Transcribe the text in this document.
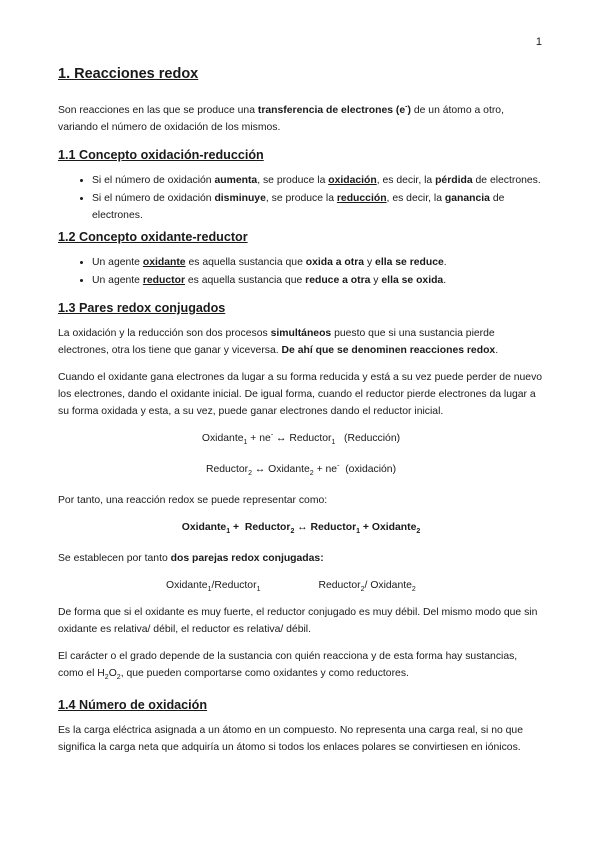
1
1. Reacciones redox

Son reacciones en las que se produce una transferencia de electrones (e-) de un átomo a otro, variando el número de oxidación de los mismos.

1.1 Concepto oxidación-reducción
• Si el número de oxidación aumenta, se produce la oxidación, es decir, la pérdida de electrones.
• Si el número de oxidación disminuye, se produce la reducción, es decir, la ganancia de electrones.
1.2 Concepto oxidante-reductor
• Un agente oxidante es aquella sustancia que oxida a otra y ella se reduce.
• Un agente reductor es aquella sustancia que reduce a otra y ella se oxida.
1.3 Pares redox conjugados

La oxidación y la reducción son dos procesos simultáneos puesto que si una sustancia pierde electrones, otra los tiene que ganar y viceversa. De ahí que se denominen reacciones redox.

Cuando el oxidante gana electrones da lugar a su forma reducida y está a su vez puede perder de nuevo los electrones, dando el oxidante inicial. De igual forma, cuando el reductor pierde electrones da lugar a su forma oxidada y esta, a su vez, puede ganar electrones dando el reductor inicial.

Oxidante$_1$ + ne- ↔ Reductor$_1$   (Reducción)
Reductor$_2$ ↔ Oxidante$_2$ + ne-  (oxidación)

Por tanto, una reacción redox se puede representar como:

Oxidante$_1$ +  Reductor$_2$ ↔ Reductor$_1$ + Oxidante$_2$

Se establecen por tanto dos parejas redox conjugadas:

Oxidante$_1$/Reductor$_1$	Reductor$_2$/ Oxidante$_2$

De forma que si el oxidante es muy fuerte, el reductor conjugado es muy débil. Del mismo modo que sin oxidante es relativa/ débil, el reductor es relativa/ débil.

El carácter o el grado depende de la sustancia con quién reacciona y de esta forma hay sustancias, como el $H_2O_2$, que pueden comportarse como oxidantes y como reductores.

1.4 Número de oxidación

Es la carga eléctrica asignada a un átomo en un compuesto. No representa una carga real, si no que significa la carga neta que adquiría un átomo si todos los enlaces polares se convirtiesen en iónicos.
